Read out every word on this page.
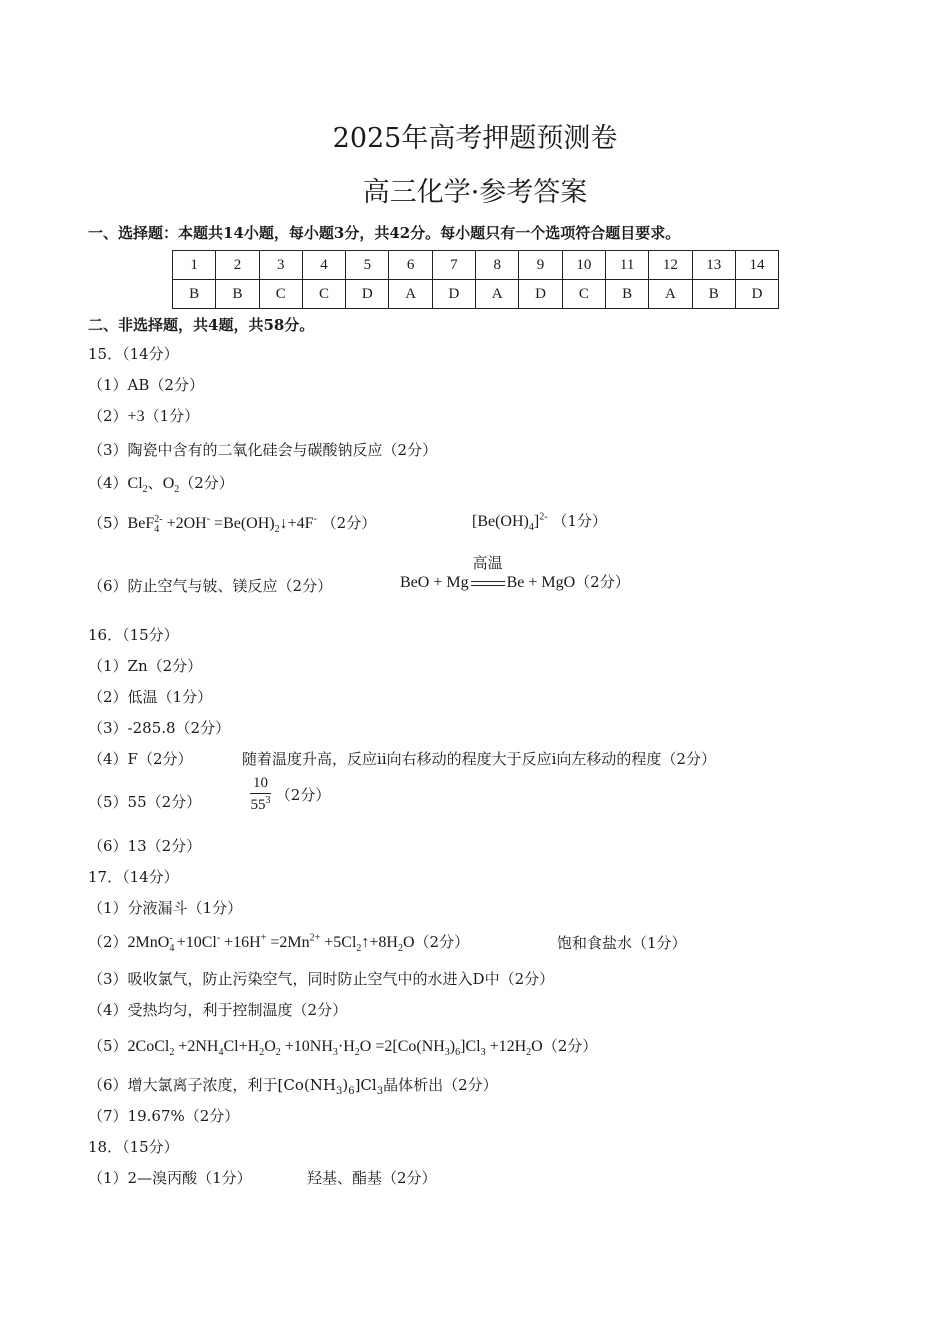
2025年高考押题预测卷
高三化学·参考答案
一、选择题：本题共14小题，每小题3分，共42分。每小题只有一个选项符合题目要求。
1	2	3	4	5	6	7	8	9	10	11	12	13	14
B	B	C	C	D	A	D	A	D	C	B	A	B	D
二、非选择题，共4题，共58分。
15．（14分）
（1）AB（2分）
（2）+3（1分）
（3）陶瓷中含有的二氧化硅会与碳酸钠反应（2分）
$(4)Cl_2$、$O_2(2$分）
$(5)BeF_4^{2-} +2OH^- =Be(OH)_2↓+4F^-$ （2分）	$[Be(OH)_4]^{2-}$ （1分）
（6）防止空气与铍、镁反应（2分）	BeO + Mg
高温
Be + MgO（2分）
16．（15分）
（1）Zn（2分）
（2）低温（1分）
（3）-285.8（2分）
（4）F（2分）	随着温度升高，反应ⅱ向右移动的程度大于反应ⅰ向左移动的程度（2分）
（5）55（2分）	$\frac{10}{55^3} (2$分）
（6）13（2分）
17．（14分）
（1）分液漏斗（1分）
$(2)2MnO_4^- +10Cl^- +16H^+ =2Mn^{2+}$ $+5Cl_2↑+8H_2O(2$分）	饱和食盐水（1分）
（3）吸收氯气，防止污染空气，同时防止空气中的水进入D中（2分）
（4）受热均匀，利于控制温度（2分）
（5）2CoCl$_2$ $+2NH_4Cl+H_2O_2 +10NH_3\cdot H_2O =2[Co(NH_3)_6]Cl_3 +12H_2O(2$分）
（6）增大氯离子浓度，利于$[Co(NH_3)_6]Cl_3$晶体析出（2分）
（7）19.67%（2分）
18．（15分）
（1）2—溴丙酸（1分）	羟基、酯基（2分）
